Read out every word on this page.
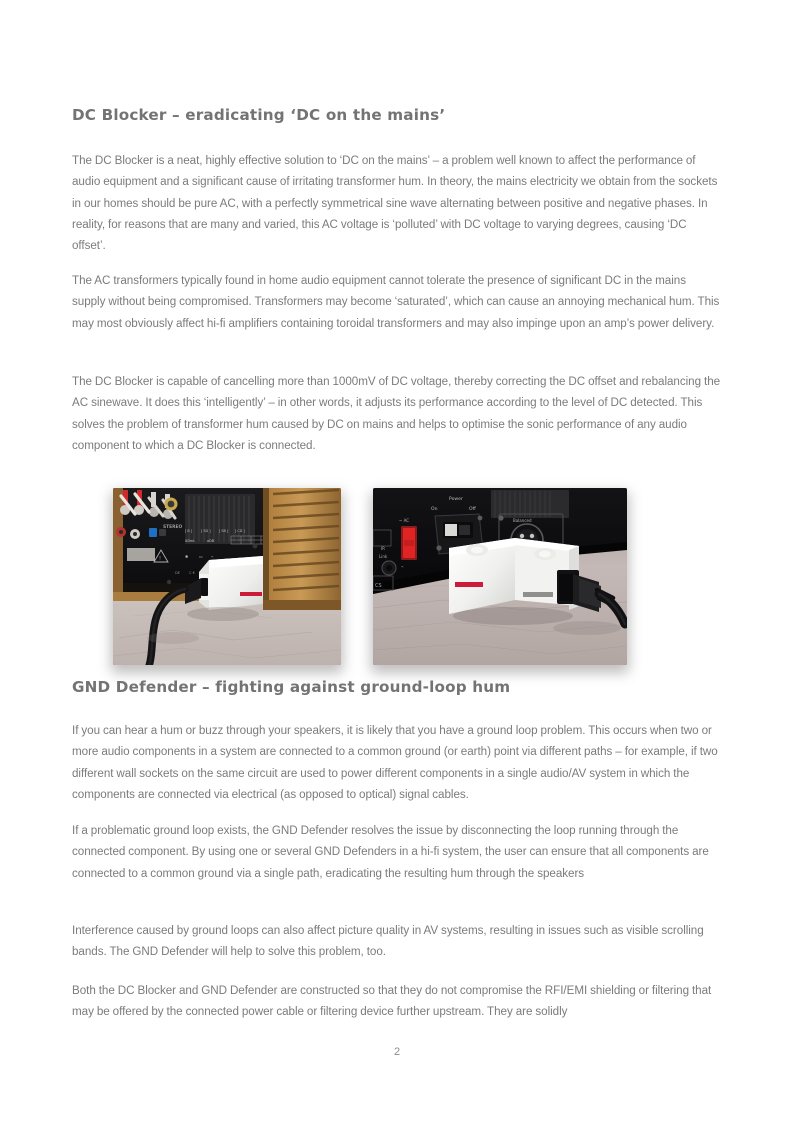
DC Blocker – eradicating ‘DC on the mains’

The DC Blocker is a neat, highly effective solution to ‘DC on the mains’ – a problem well known to affect the performance of audio equipment and a significant cause of irritating transformer hum. In theory, the mains electricity we obtain from the sockets in our homes should be pure AC, with a perfectly symmetrical sine wave alternating between positive and negative phases. In reality, for reasons that are many and varied, this AC voltage is ‘polluted’ with DC voltage to varying degrees, causing ‘DC offset’.

The AC transformers typically found in home audio equipment cannot tolerate the presence of significant DC in the mains supply without being compromised. Transformers may become ‘saturated’, which can cause an annoying mechanical hum. This may most obviously affect hi-fi amplifiers containing toroidal transformers and may also impinge upon an amp’s power delivery.

The DC Blocker is capable of cancelling more than 1000mV of DC voltage, thereby correcting the DC offset and rebalancing the AC sinewave. It does this ‘intelligently’ – in other words, it adjusts its performance according to the level of DC detected. This solves the problem of transformer hum caused by DC on mains and helps to optimise the sonic performance of any audio component to which a DC Blocker is connected.

STEREO
[ B ]	[ SD ] [ SB ] [ CD ]
XDmL	aDB
✱	▭ ⌁
!
DE C €
Power
On	Off
~ AC
⌁
IR
Link
CS
Balanced
GND Defender – fighting against ground-loop hum

If you can hear a hum or buzz through your speakers, it is likely that you have a ground loop problem. This occurs when two or more audio components in a system are connected to a common ground (or earth) point via different paths – for example, if two different wall sockets on the same circuit are used to power different components in a single audio/AV system in which the components are connected via electrical (as opposed to optical) signal cables.

If a problematic ground loop exists, the GND Defender resolves the issue by disconnecting the loop running through the connected component. By using one or several GND Defenders in a hi-fi system, the user can ensure that all components are connected to a common ground via a single path, eradicating the resulting hum through the speakers

Interference caused by ground loops can also affect picture quality in AV systems, resulting in issues such as visible scrolling bands. The GND Defender will help to solve this problem, too.

Both the DC Blocker and GND Defender are constructed so that they do not compromise the RFI/EMI shielding or filtering that may be offered by the connected power cable or filtering device further upstream. They are solidly

2
